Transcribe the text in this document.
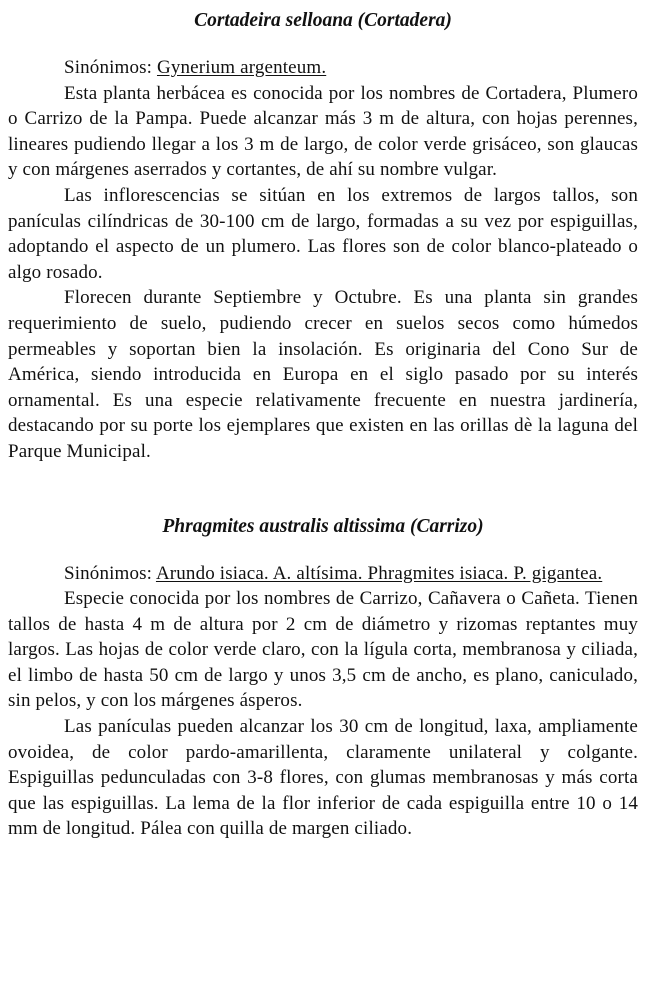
Cortadeira selloana (Cortadera)

Sinónimos: Gynerium argenteum.

Esta planta herbácea es conocida por los nombres de Cortadera, Plumero o Carrizo de la Pampa. Puede alcanzar más 3 m de altura, con hojas perennes, lineares pudiendo llegar a los 3 m de largo, de color verde grisáceo, son glaucas y con márgenes aserrados y cortantes, de ahí su nombre vulgar.

Las inflorescencias se sitúan en los extremos de largos tallos, son panículas cilíndricas de 30-100 cm de largo, formadas a su vez por espiguillas, adoptando el aspecto de un plumero. Las flores son de color blanco-plateado o algo rosado.

Florecen durante Septiembre y Octubre. Es una planta sin grandes requerimiento de suelo, pudiendo crecer en suelos secos como húmedos permeables y soportan bien la insolación. Es originaria del Cono Sur de América, siendo introducida en Europa en el siglo pasado por su interés ornamental. Es una especie relativamente frecuente en nuestra jardinería, destacando por su porte los ejemplares que existen en las orillas dè la laguna del Parque Municipal.

Phragmites australis altissima (Carrizo)

Sinónimos: Arundo isiaca. A. altísima. Phragmites isiaca. P. gigantea.

Especie conocida por los nombres de Carrizo, Cañavera o Cañeta. Tienen tallos de hasta 4 m de altura por 2 cm de diámetro y rizomas reptantes muy largos. Las hojas de color verde claro, con la lígula corta, membranosa y ciliada, el limbo de hasta 50 cm de largo y unos 3,5 cm de ancho, es plano, caniculado, sin pelos, y con los márgenes ásperos.

Las panículas pueden alcanzar los 30 cm de longitud, laxa, ampliamente ovoidea, de color pardo-amarillenta, claramente unilateral y colgante. Espiguillas pedunculadas con 3-8 flores, con glumas membranosas y más corta que las espiguillas. La lema de la flor inferior de cada espiguilla entre 10 o 14 mm de longitud. Pálea con quilla de margen ciliado.
